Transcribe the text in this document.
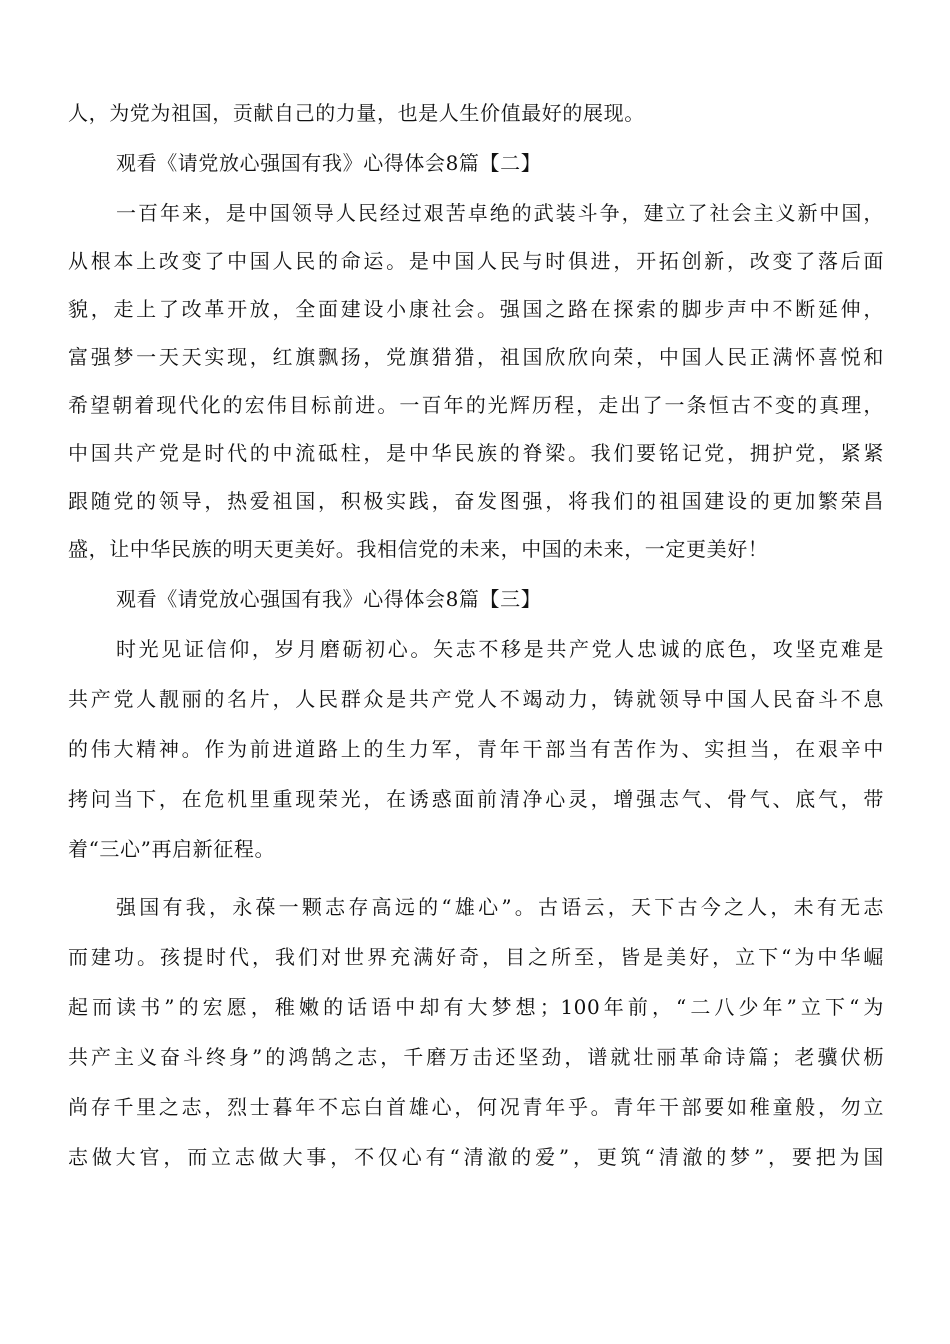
人，为党为祖国，贡献自己的力量，也是人生价值最好的展现。
观看《请党放心强国有我》心得体会8篇【二】
一百年来，是中国领导人民经过艰苦卓绝的武装斗争，建立了社会主义新中国，
从根本上改变了中国人民的命运。是中国人民与时俱进，开拓创新，改变了落后面
貌，走上了改革开放，全面建设小康社会。强国之路在探索的脚步声中不断延伸，
富强梦一天天实现，红旗飘扬，党旗猎猎，祖国欣欣向荣，中国人民正满怀喜悦和
希望朝着现代化的宏伟目标前进。一百年的光辉历程，走出了一条恒古不变的真理，
中国共产党是时代的中流砥柱，是中华民族的脊梁。我们要铭记党，拥护党，紧紧
跟随党的领导，热爱祖国，积极实践，奋发图强，将我们的祖国建设的更加繁荣昌
盛，让中华民族的明天更美好。我相信党的未来，中国的未来，一定更美好！
观看《请党放心强国有我》心得体会8篇【三】
时光见证信仰，岁月磨砺初心。矢志不移是共产党人忠诚的底色，攻坚克难是
共产党人靓丽的名片，人民群众是共产党人不竭动力，铸就领导中国人民奋斗不息
的伟大精神。作为前进道路上的生力军，青年干部当有苦作为、实担当，在艰辛中
拷问当下，在危机里重现荣光，在诱惑面前清净心灵，增强志气、骨气、底气，带
着“三心”再启新征程。
强国有我，永葆一颗志存高远的“雄心”。古语云，天下古今之人，未有无志
而建功。孩提时代，我们对世界充满好奇，目之所至，皆是美好，立下“为中华崛
起而读书”的宏愿，稚嫩的话语中却有大梦想；100年前，“二八少年”立下“为
共产主义奋斗终身”的鸿鹄之志，千磨万击还坚劲，谱就壮丽革命诗篇；老骥伏枥
尚存千里之志，烈士暮年不忘白首雄心，何况青年乎。青年干部要如稚童般，勿立
志做大官，而立志做大事，不仅心有“清澈的爱”，更筑“清澈的梦”，要把为国
